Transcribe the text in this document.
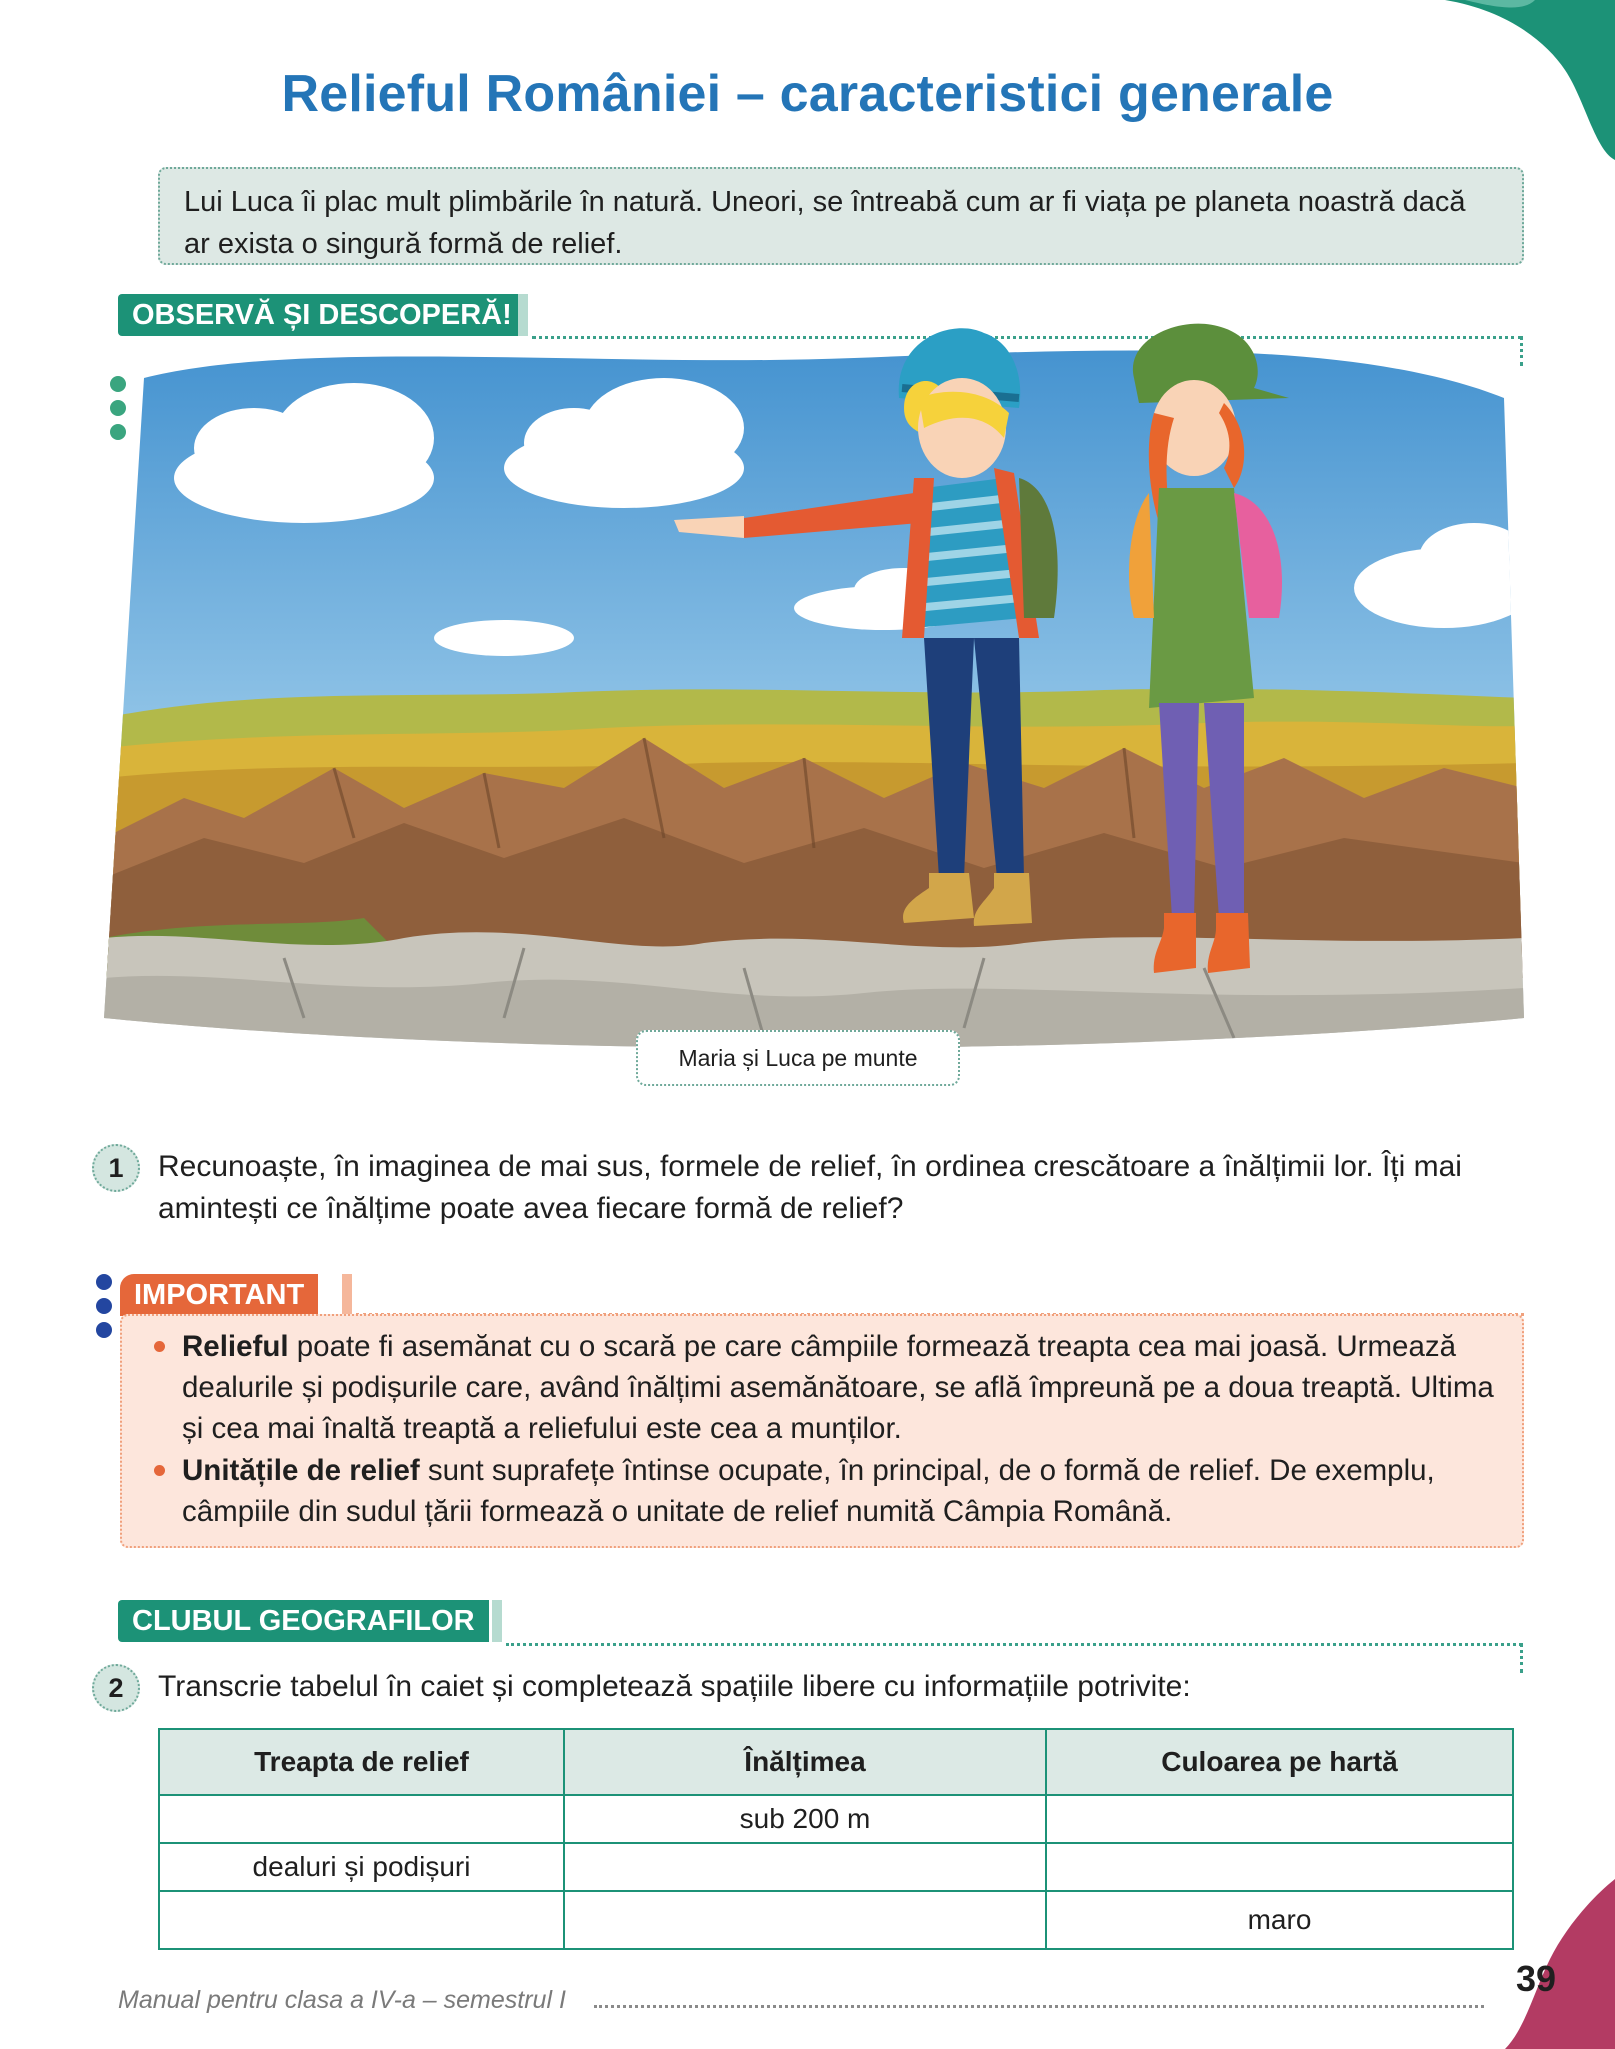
Relieful României – caracteristici generale
Lui Luca îi plac mult plimbările în natură. Uneori, se întreabă cum ar fi viața pe planeta noastră dacă ar exista o singură formă de relief.
OBSERVĂ ȘI DESCOPERĂ!
Maria și Luca pe munte
1	Recunoaște, în imaginea de mai sus, formele de relief, în ordinea crescătoare a înălțimii lor. Îți mai amintești ce înălțime poate avea fiecare formă de relief?
IMPORTANT
Relieful poate fi asemănat cu o scară pe care câmpiile formează treapta cea mai joasă. Urmează dealurile și podișurile care, având înălțimi asemănătoare, se află împreună pe a doua treaptă. Ultima și cea mai înaltă treaptă a reliefului este cea a munților.
Unitățile de relief sunt suprafețe întinse ocupate, în principal, de o formă de relief. De exemplu, câmpiile din sudul țării formează o unitate de relief numită Câmpia Română.
CLUBUL GEOGRAFILOR
2	Transcrie tabelul în caiet și completează spațiile libere cu informațiile potrivite:
Treapta de relief	Înălțimea	Culoarea pe hartă
	sub 200 m	
dealuri și podișuri		
		maro
Manual pentru clasa a IV-a – semestrul I
39
